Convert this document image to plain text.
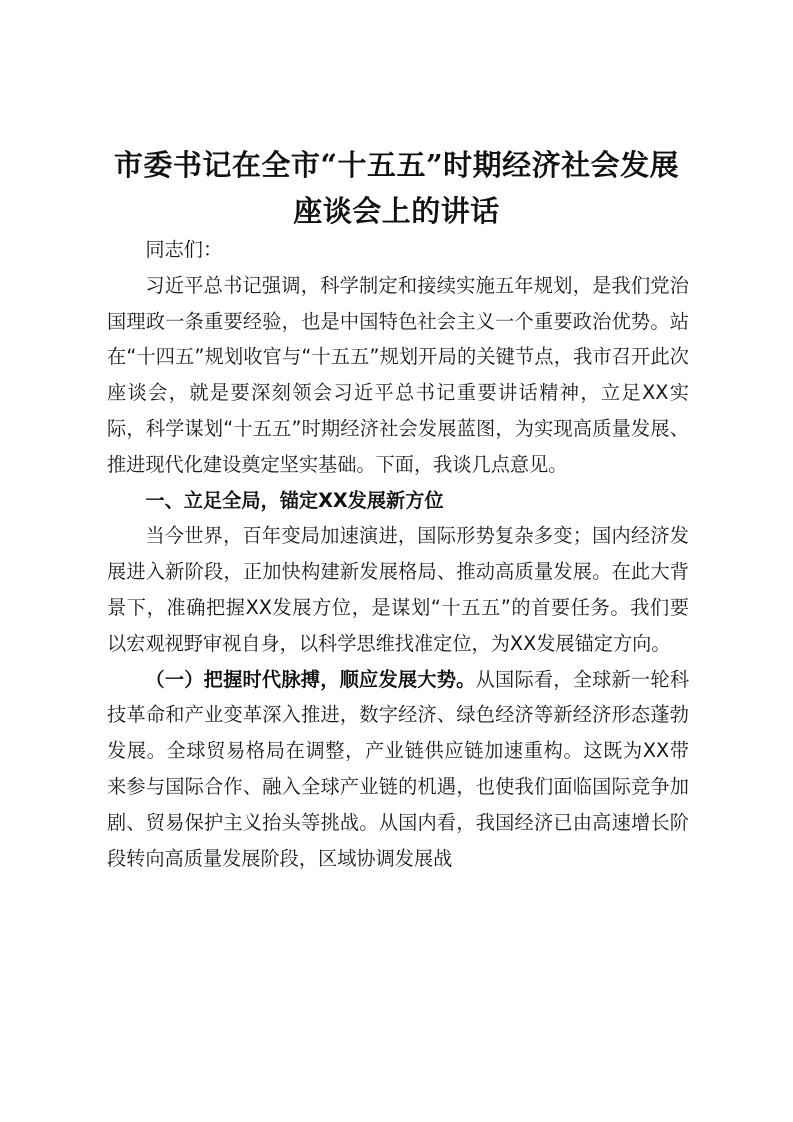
市委书记在全市“十五五”时期经济社会发展
座谈会上的讲话

同志们：

习近平总书记强调，科学制定和接续实施五年规划，是我们党治国理政一条重要经验，也是中国特色社会主义一个重要政治优势。站在“十四五”规划收官与“十五五”规划开局的关键节点，我市召开此次座谈会，就是要深刻领会习近平总书记重要讲话精神，立足XX实际，科学谋划“十五五”时期经济社会发展蓝图，为实现高质量发展、推进现代化建设奠定坚实基础。下面，我谈几点意见。

一、立足全局，锚定XX发展新方位

当今世界，百年变局加速演进，国际形势复杂多变；国内经济发展进入新阶段，正加快构建新发展格局、推动高质量发展。在此大背景下，准确把握XX发展方位，是谋划“十五五”的首要任务。我们要以宏观视野审视自身，以科学思维找准定位，为XX发展锚定方向。

（一）把握时代脉搏，顺应发展大势。从国际看，全球新一轮科技革命和产业变革深入推进，数字经济、绿色经济等新经济形态蓬勃发展。全球贸易格局在调整，产业链供应链加速重构。这既为XX带来参与国际合作、融入全球产业链的机遇，也使我们面临国际竞争加剧、贸易保护主义抬头等挑战。从国内看，我国经济已由高速增长阶段转向高质量发展阶段，区域协调发展战
